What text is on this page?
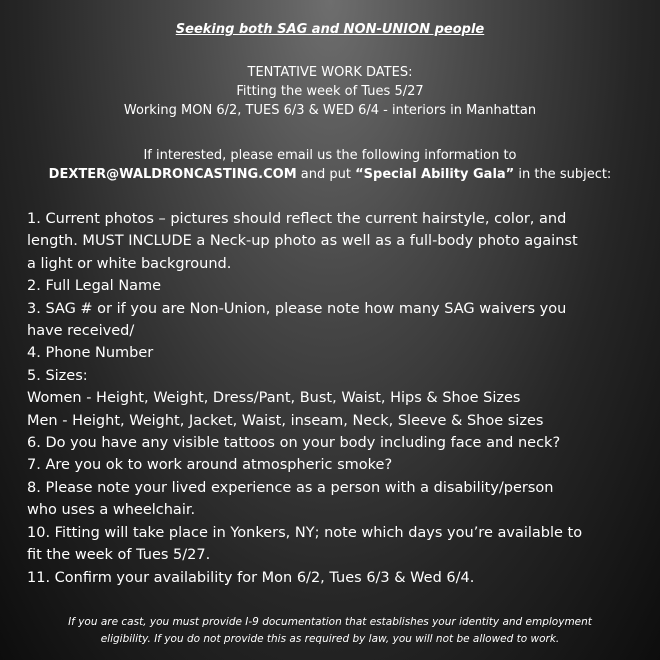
Seeking both SAG and NON-UNION people
TENTATIVE WORK DATES:
Fitting the week of Tues 5/27
Working MON 6/2, TUES 6/3 & WED 6/4 - interiors in Manhattan
If interested, please email us the following information to
DEXTER@WALDRONCASTING.COM and put “Special Ability Gala” in the subject:
1. Current photos – pictures should reflect the current hairstyle, color, and
length. MUST INCLUDE a Neck-up photo as well as a full-body photo against
a light or white background.
2. Full Legal Name
3. SAG # or if you are Non-Union, please note how many SAG waivers you
have received/
4. Phone Number
5. Sizes:
Women - Height, Weight, Dress/Pant, Bust, Waist, Hips & Shoe Sizes
Men - Height, Weight, Jacket, Waist, inseam, Neck, Sleeve & Shoe sizes
6. Do you have any visible tattoos on your body including face and neck?
7. Are you ok to work around atmospheric smoke?
8. Please note your lived experience as a person with a disability/person
who uses a wheelchair.
10. Fitting will take place in Yonkers, NY; note which days you’re available to
fit the week of Tues 5/27.
11. Confirm your availability for Mon 6/2, Tues 6/3 & Wed 6/4.
If you are cast, you must provide I-9 documentation that establishes your identity and employment
eligibility. If you do not provide this as required by law, you will not be allowed to work.
